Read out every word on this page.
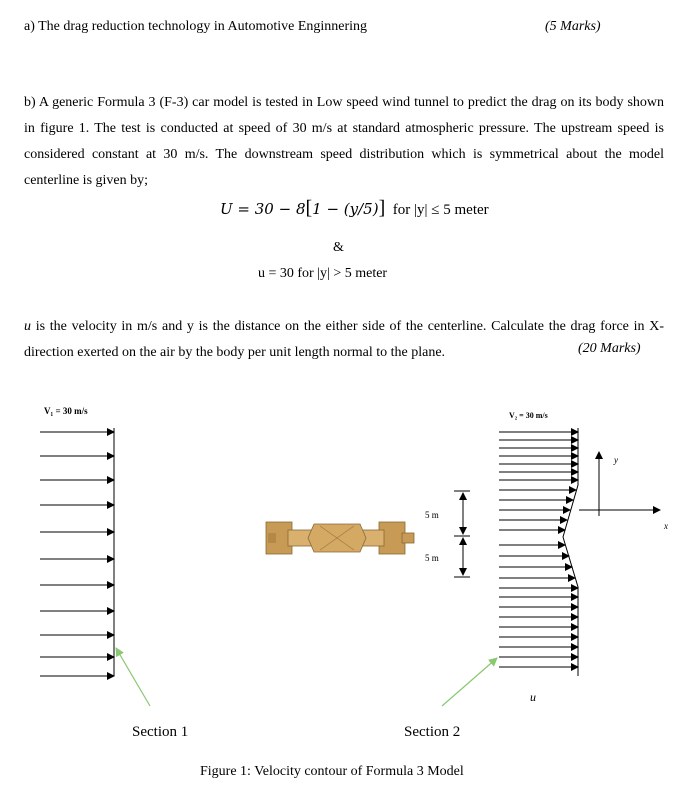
a) The drag reduction technology in Automotive Enginnering	(5 Marks)
b) A generic Formula 3 (F-3) car model is tested in Low speed wind tunnel to predict the drag on its body shown in figure 1. The test is conducted at speed of 30 m/s at standard atmospheric pressure. The upstream speed is considered constant at 30 m/s. The downstream speed distribution which is symmetrical about the model centerline is given by;
U = 30 − 8[1 − (y/5)] for |y| ≤ 5 meter
&
u = 30 for |y| > 5 meter
u is the velocity in m/s and y is the distance on the either side of the centerline. Calculate the drag force in X-direction exerted on the air by the body per unit length normal to the plane.	(20 Marks)
V₁ = 30 m/s
Section 1
5 m
5 m
V₂ = 30 m/s
Section 2
u
y
x
Figure 1: Velocity contour of Formula 3 Model
